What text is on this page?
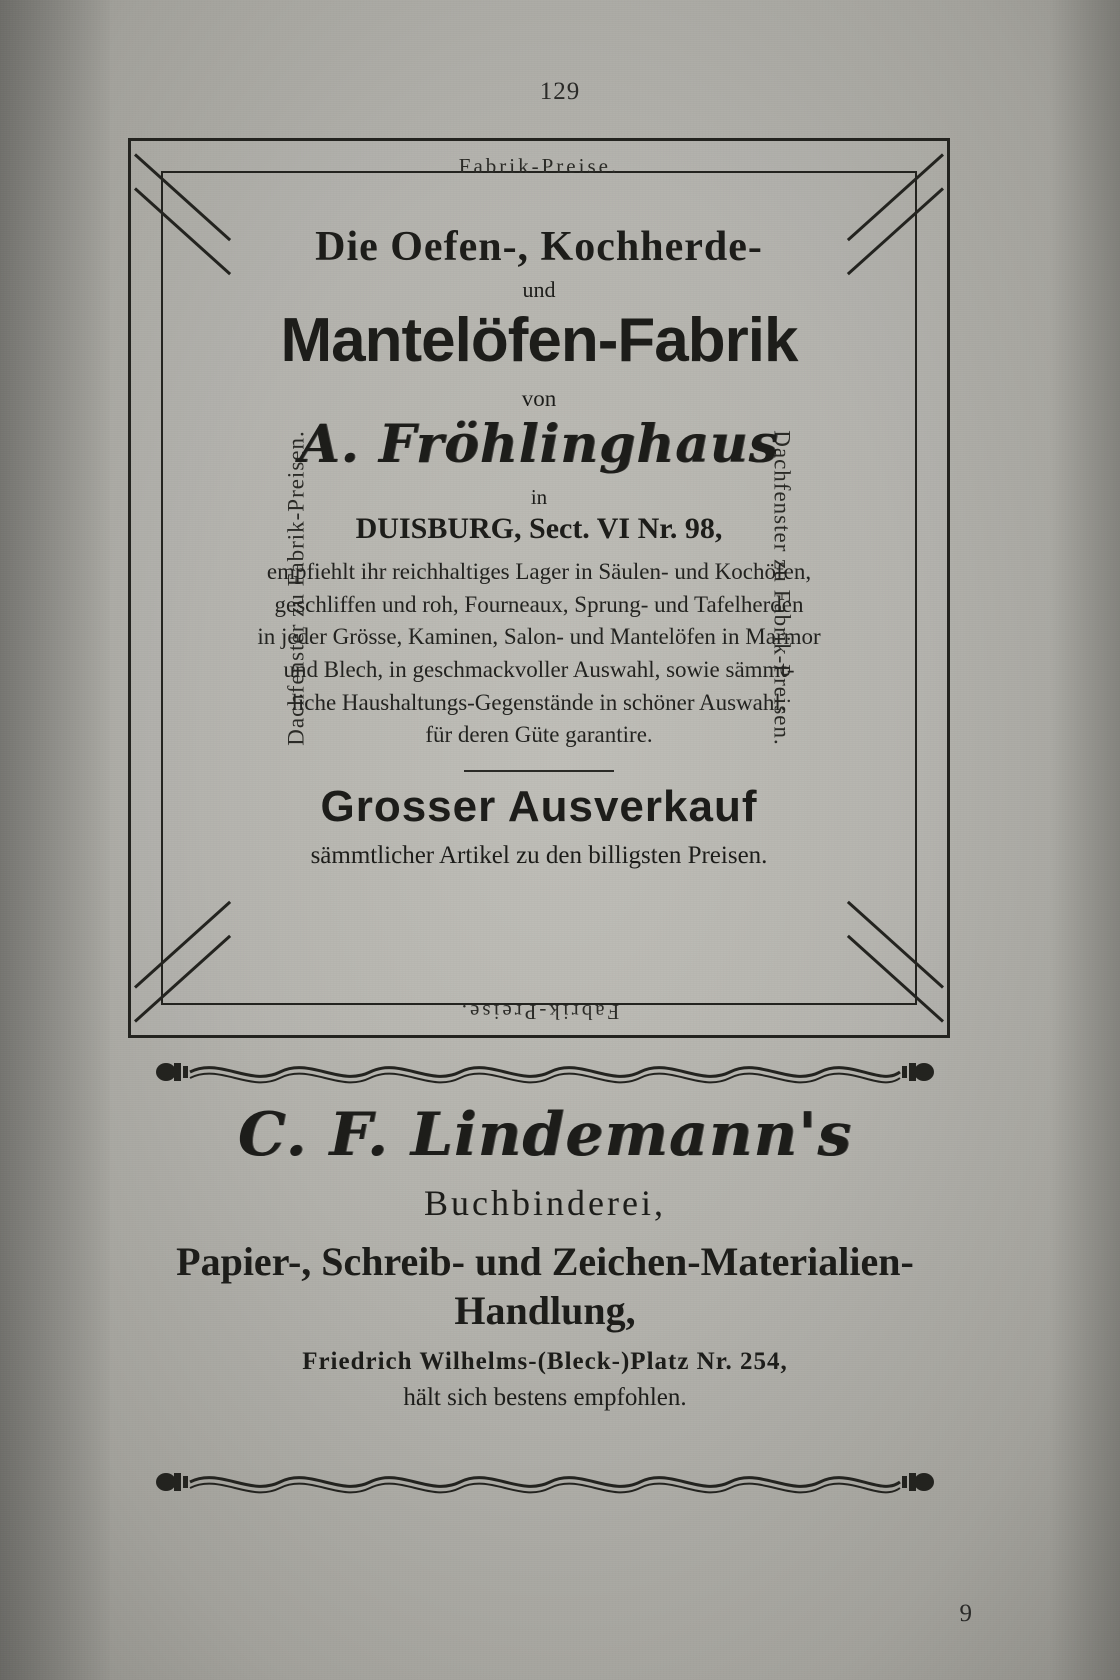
129
Fabrik-Preise.
Fabrik-Preise.
Dachfenster zu Fabrik-Preisen.	Dachfenster zu Fabrik-Preisen.
Die Oefen-, Kochherde-
und
Mantelöfen-Fabrik
von
A. Fröhlinghaus
in
DUISBURG, Sect. VI Nr. 98,
empfiehlt ihr reichhaltiges Lager in Säulen- und Kochöfen,
geschliffen und roh, Fourneaux, Sprung- und Tafelherden
in jeder Grösse, Kaminen, Salon- und Mantelöfen in Marmor
und Blech, in geschmackvoller Auswahl, sowie sämmt-
liche Haushaltungs-Gegenstände in schöner Auswahl,
für deren Güte garantire.
Grosser Ausverkauf
sämmtlicher Artikel zu den billigsten Preisen.
C. F. Lindemann's
Buchbinderei,
Papier-, Schreib- und Zeichen-Materialien-
Handlung,
Friedrich Wilhelms-(Bleck-)Platz Nr. 254,
hält sich bestens empfohlen.
9
